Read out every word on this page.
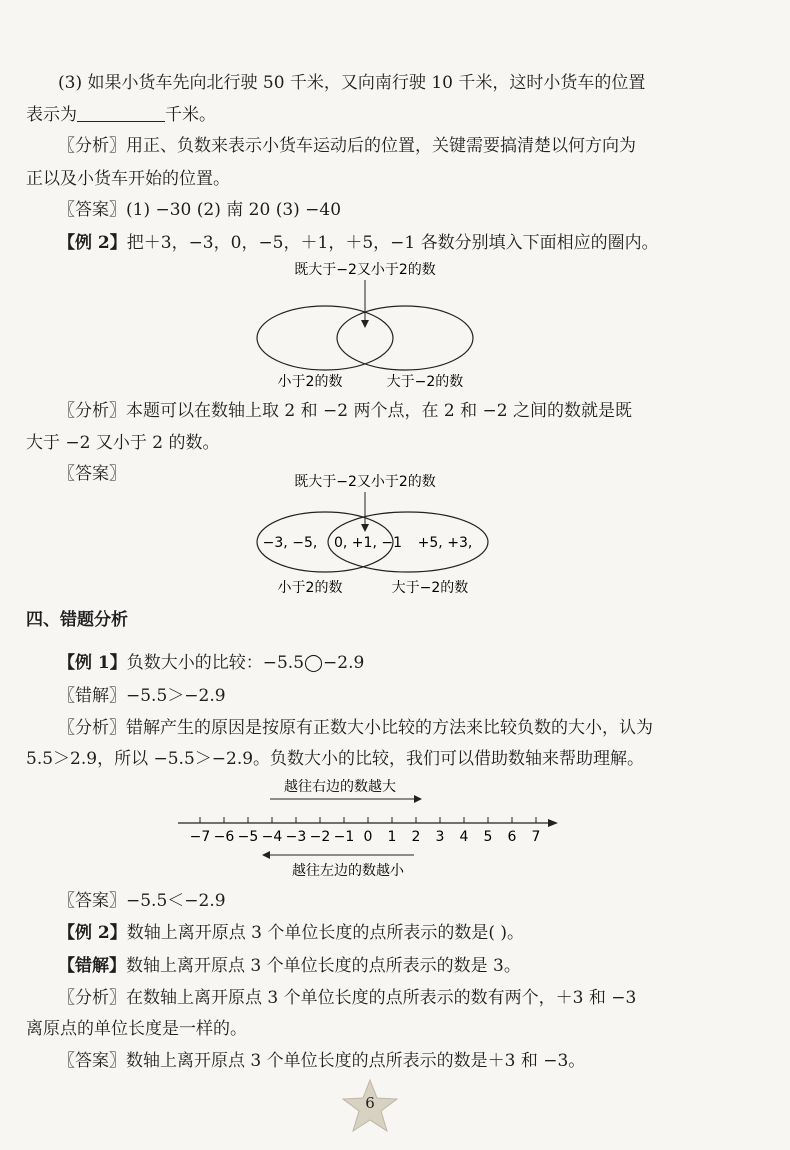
(3) 如果小货车先向北行驶 50 千米，又向南行驶 10 千米，这时小货车的位置
表示为	千米。
〖分析〗用正、负数来表示小货车运动后的位置，关键需要搞清楚以何方向为
正以及小货车开始的位置。
〖答案〗(1) −30 (2) 南 20 (3) −40
【例 2】把＋3，−3，0，−5，＋1，＋5，−1 各数分别填入下面相应的圈内。
既大于−2又小于2的数
小于2的数	大于−2的数
〖分析〗本题可以在数轴上取 2 和 −2 两个点，在 2 和 −2 之间的数就是既
大于 −2 又小于 2 的数。
〖答案〗	既大于−2又小于2的数
−3, −5, 0, +1, −1 +5, +3,
小于2的数	大于−2的数
四、错题分析
【例 1】负数大小的比较：−5.5◯−2.9
〖错解〗−5.5＞−2.9
〖分析〗错解产生的原因是按原有正数大小比较的方法来比较负数的大小，认为
5.5＞2.9，所以 −5.5＞−2.9。负数大小的比较，我们可以借助数轴来帮助理解。
越往右边的数越大
−7 −6 −5 −4 −3 −2 −1 0 1 2 3 4 5 6 7
越往左边的数越小
〖答案〗−5.5＜−2.9
【例 2】数轴上离开原点 3 个单位长度的点所表示的数是( )。
【错解】数轴上离开原点 3 个单位长度的点所表示的数是 3。
〖分析〗在数轴上离开原点 3 个单位长度的点所表示的数有两个，＋3 和 −3
离原点的单位长度是一样的。
〖答案〗数轴上离开原点 3 个单位长度的点所表示的数是＋3 和 −3。
6
